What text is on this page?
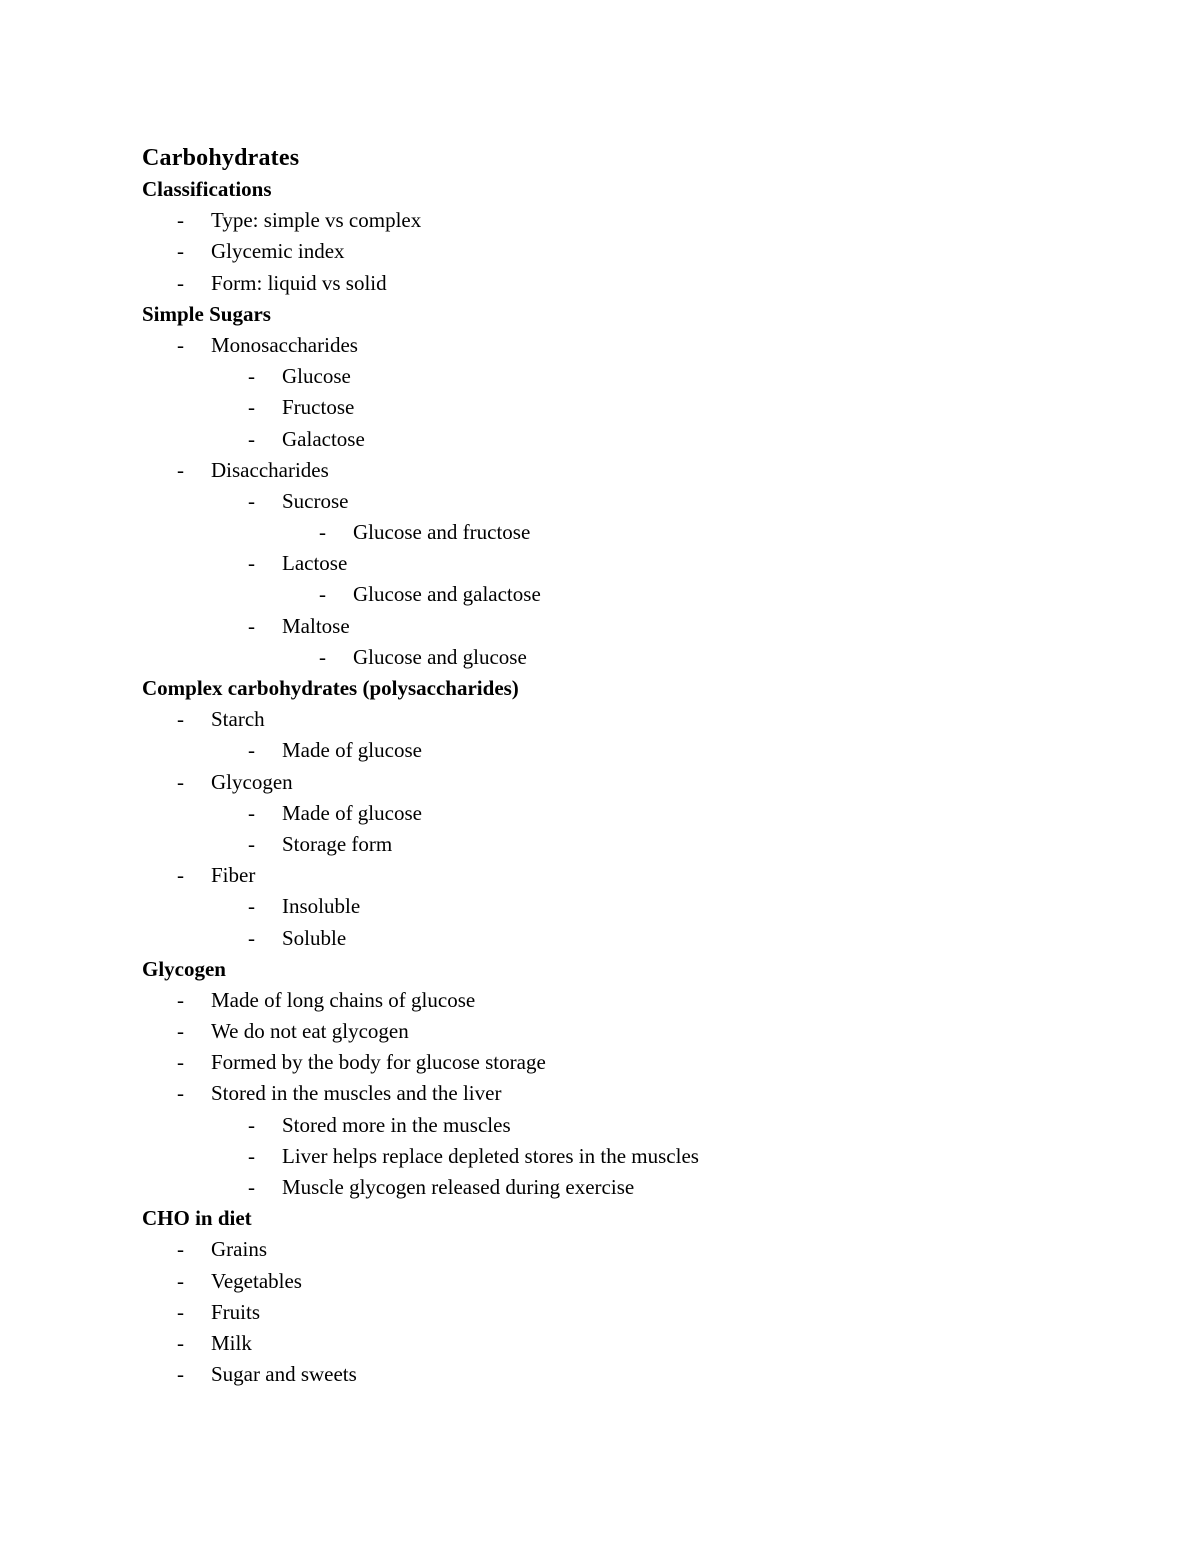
Carbohydrates
Classifications
- Type: simple vs complex
- Glycemic index
- Form: liquid vs solid
Simple Sugars
- Monosaccharides
- Glucose
- Fructose
- Galactose
- Disaccharides
- Sucrose
- Glucose and fructose
- Lactose
- Glucose and galactose
- Maltose
- Glucose and glucose
Complex carbohydrates (polysaccharides)
- Starch
- Made of glucose
- Glycogen
- Made of glucose
- Storage form
- Fiber
- Insoluble
- Soluble
Glycogen
- Made of long chains of glucose
- We do not eat glycogen
- Formed by the body for glucose storage
- Stored in the muscles and the liver
- Stored more in the muscles
- Liver helps replace depleted stores in the muscles
- Muscle glycogen released during exercise
CHO in diet
- Grains
- Vegetables
- Fruits
- Milk
- Sugar and sweets
